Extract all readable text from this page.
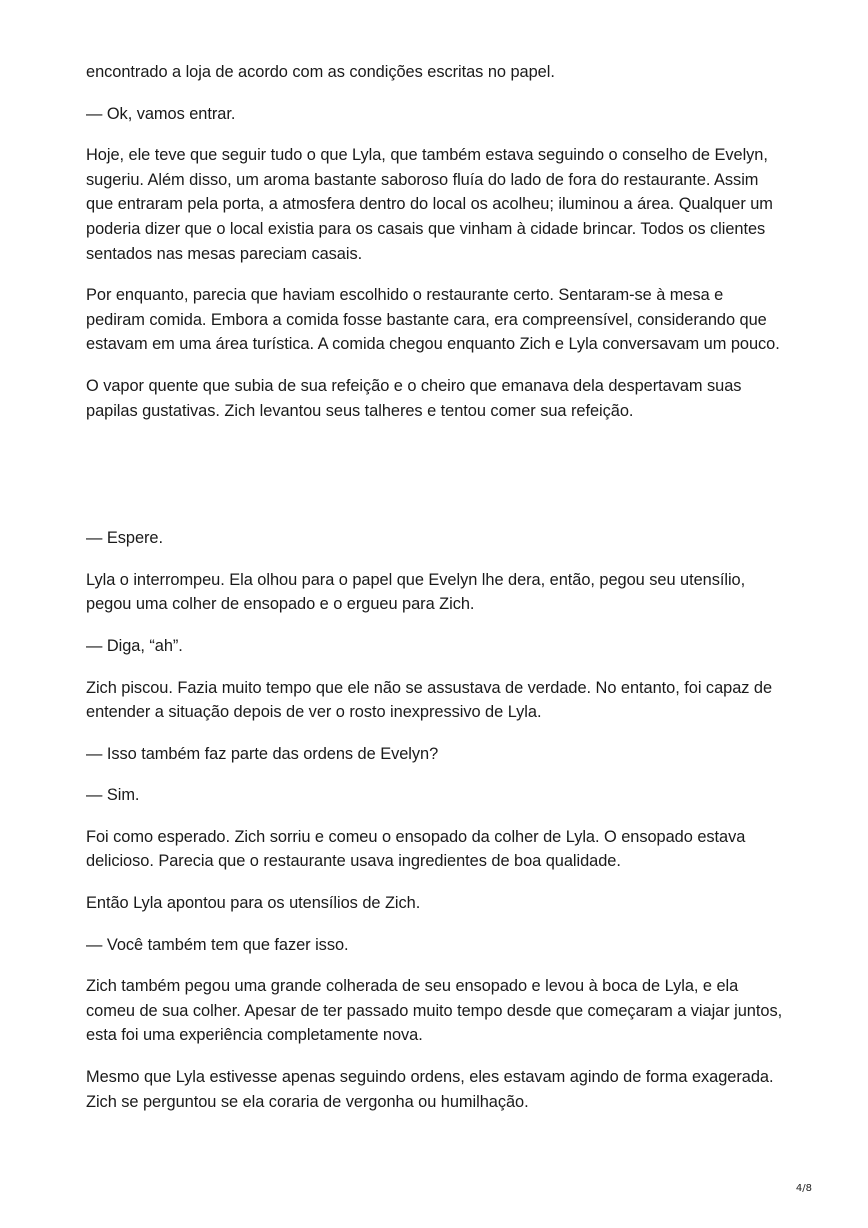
encontrado a loja de acordo com as condições escritas no papel.

— Ok, vamos entrar.

Hoje, ele teve que seguir tudo o que Lyla, que também estava seguindo o conselho de Evelyn, sugeriu. Além disso, um aroma bastante saboroso fluía do lado de fora do restaurante. Assim que entraram pela porta, a atmosfera dentro do local os acolheu; iluminou a área. Qualquer um poderia dizer que o local existia para os casais que vinham à cidade brincar. Todos os clientes sentados nas mesas pareciam casais.

Por enquanto, parecia que haviam escolhido o restaurante certo. Sentaram-se à mesa e pediram comida. Embora a comida fosse bastante cara, era compreensível, considerando que estavam em uma área turística. A comida chegou enquanto Zich e Lyla conversavam um pouco.

O vapor quente que subia de sua refeição e o cheiro que emanava dela despertavam suas papilas gustativas. Zich levantou seus talheres e tentou comer sua refeição.

— Espere.

Lyla o interrompeu. Ela olhou para o papel que Evelyn lhe dera, então, pegou seu utensílio, pegou uma colher de ensopado e o ergueu para Zich.

— Diga, “ah”.

Zich piscou. Fazia muito tempo que ele não se assustava de verdade. No entanto, foi capaz de entender a situação depois de ver o rosto inexpressivo de Lyla.

— Isso também faz parte das ordens de Evelyn?

— Sim.

Foi como esperado. Zich sorriu e comeu o ensopado da colher de Lyla. O ensopado estava delicioso. Parecia que o restaurante usava ingredientes de boa qualidade.

Então Lyla apontou para os utensílios de Zich.

— Você também tem que fazer isso.

Zich também pegou uma grande colherada de seu ensopado e levou à boca de Lyla, e ela comeu de sua colher. Apesar de ter passado muito tempo desde que começaram a viajar juntos, esta foi uma experiência completamente nova.

Mesmo que Lyla estivesse apenas seguindo ordens, eles estavam agindo de forma exagerada. Zich se perguntou se ela coraria de vergonha ou humilhação.

4/8
